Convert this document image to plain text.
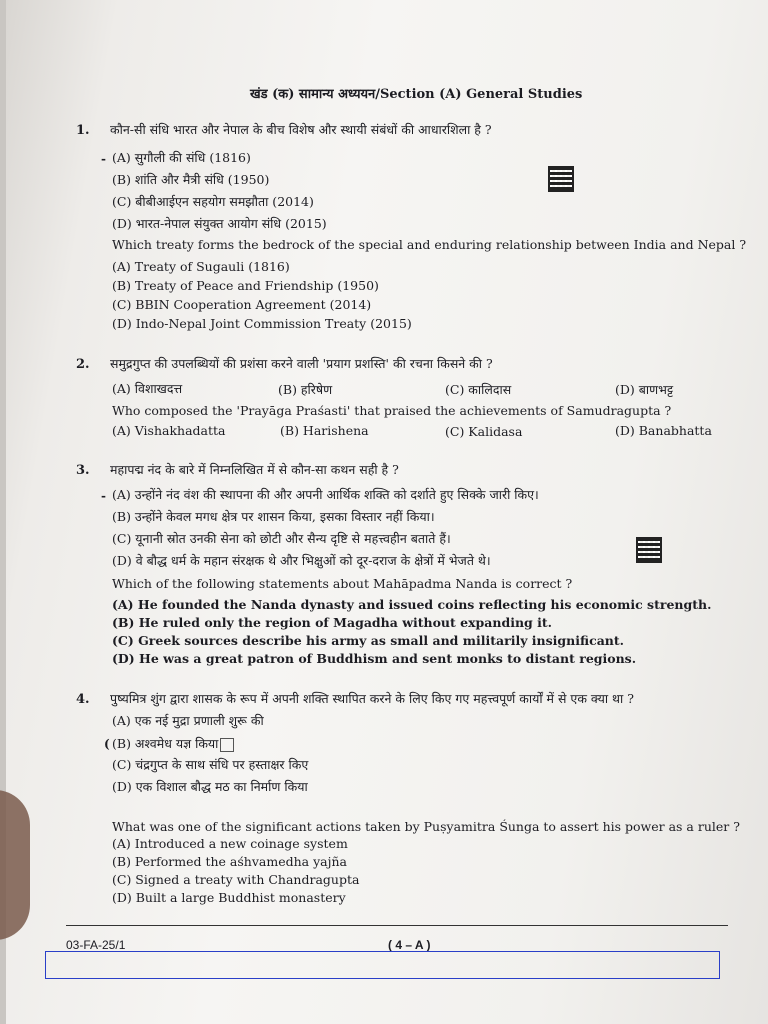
खंड (क) सामान्य अध्ययन/Section (A) General Studies
1. कौन-सी संधि भारत और नेपाल के बीच विशेष और स्थायी संबंधों की आधारशिला है ?
- (A) सुगौली की संधि (1816)
(B) शांति और मैत्री संधि (1950)
(C) बीबीआईएन सहयोग समझौता (2014)
(D) भारत-नेपाल संयुक्त आयोग संधि (2015)
Which treaty forms the bedrock of the special and enduring relationship between India and Nepal ?
(A) Treaty of Sugauli (1816)
(B) Treaty of Peace and Friendship (1950)
(C) BBIN Cooperation Agreement (2014)
(D) Indo-Nepal Joint Commission Treaty (2015)
2. समुद्रगुप्त की उपलब्धियों की प्रशंसा करने वाली 'प्रयाग प्रशस्ति' की रचना किसने की ?
(A) विशाखदत्त	(B) हरिषेण	(C) कालिदास	(D) बाणभट्ट
Who composed the 'Prayāga Praśasti' that praised the achievements of Samudragupta ?
(A) Vishakhadatta	(B) Harishena	(C) Kalidasa	(D) Banabhatta
3. महापद्म नंद के बारे में निम्नलिखित में से कौन-सा कथन सही है ?
- (A) उन्होंने नंद वंश की स्थापना की और अपनी आर्थिक शक्ति को दर्शाते हुए सिक्के जारी किए।
(B) उन्होंने केवल मगध क्षेत्र पर शासन किया, इसका विस्तार नहीं किया।
(C) यूनानी स्रोत उनकी सेना को छोटी और सैन्य दृष्टि से महत्त्वहीन बताते हैं।
(D) वे बौद्ध धर्म के महान संरक्षक थे और भिक्षुओं को दूर-दराज के क्षेत्रों में भेजते थे।
Which of the following statements about Mahāpadma Nanda is correct ?
(A) He founded the Nanda dynasty and issued coins reflecting his economic strength.
(B) He ruled only the region of Magadha without expanding it.
(C) Greek sources describe his army as small and militarily insignificant.
(D) He was a great patron of Buddhism and sent monks to distant regions.
4. पुष्यमित्र शुंग द्वारा शासक के रूप में अपनी शक्ति स्थापित करने के लिए किए गए महत्त्वपूर्ण कार्यों में से एक क्या था ?
(A) एक नई मुद्रा प्रणाली शुरू की
( (B) अश्वमेध यज्ञ किया
(C) चंद्रगुप्त के साथ संधि पर हस्ताक्षर किए
(D) एक विशाल बौद्ध मठ का निर्माण किया
What was one of the significant actions taken by Puṣyamitra Śunga to assert his power as a ruler ?
(A) Introduced a new coinage system
(B) Performed the aśhvamedha yajña
(C) Signed a treaty with Chandragupta
(D) Built a large Buddhist monastery
03-FA-25/1	( 4 – A )
